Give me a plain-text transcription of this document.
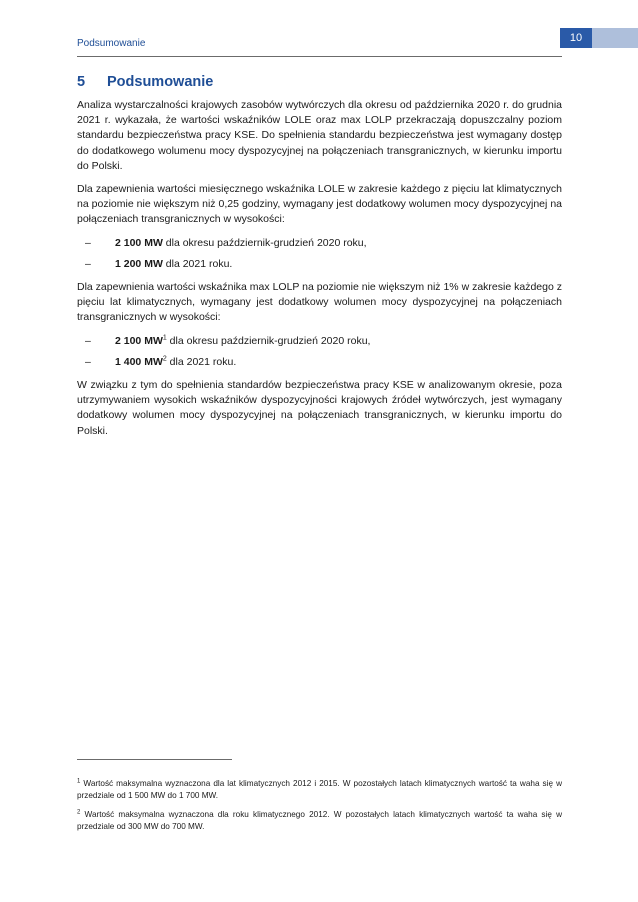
Podsumowanie	10
5	Podsumowanie

Analiza wystarczalności krajowych zasobów wytwórczych dla okresu od października 2020 r. do grudnia 2021 r. wykazała, że wartości wskaźników LOLE oraz max LOLP przekraczają dopuszczalny poziom standardu bezpieczeństwa pracy KSE. Do spełnienia standardu bezpieczeństwa jest wymagany dostęp do dodatkowego wolumenu mocy dyspozycyjnej na połączeniach transgranicznych, w kierunku importu do Polski.

Dla zapewnienia wartości miesięcznego wskaźnika LOLE w zakresie każdego z pięciu lat klimatycznych na poziomie nie większym niż 0,25 godziny, wymagany jest dodatkowy wolumen mocy dyspozycyjnej na połączeniach transgranicznych w wysokości:

–	2 100 MW dla okresu październik-grudzień 2020 roku,
–	1 200 MW dla 2021 roku.

Dla zapewnienia wartości wskaźnika max LOLP na poziomie nie większym niż 1% w zakresie każdego z pięciu lat klimatycznych, wymagany jest dodatkowy wolumen mocy dyspozycyjnej na połączeniach transgranicznych w wysokości:

–	2 100 $MW^1$ dla okresu październik-grudzień 2020 roku,
–	1 400 $MW^2$ dla 2021 roku.

W związku z tym do spełnienia standardów bezpieczeństwa pracy KSE w analizowanym okresie, poza utrzymywaniem wysokich wskaźników dyspozycyjności krajowych źródeł wytwórczych, jest wymagany dodatkowy wolumen mocy dyspozycyjnej na połączeniach transgranicznych, w kierunku importu do Polski.

$^1$ Wartość maksymalna wyznaczona dla lat klimatycznych 2012 i 2015. W pozostałych latach klimatycznych wartość ta waha się w przedziale od 1 500 MW do 1 700 MW.

$^2$ Wartość maksymalna wyznaczona dla roku klimatycznego 2012. W pozostałych latach klimatycznych wartość ta waha się w przedziale od 300 MW do 700 MW.
